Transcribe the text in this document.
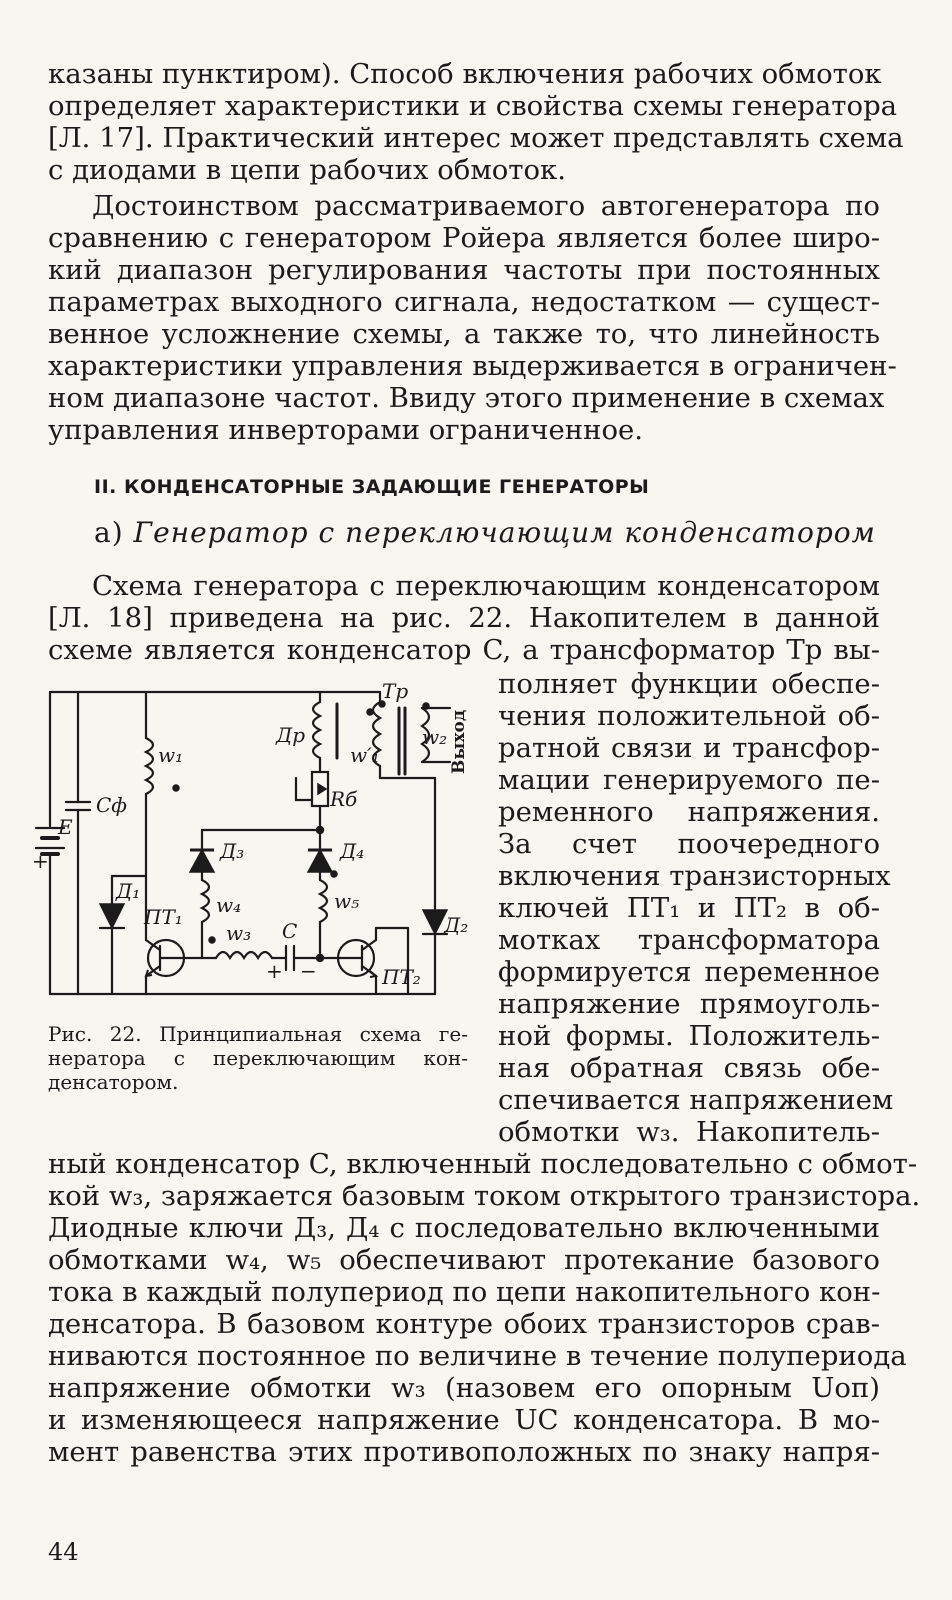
казаны пунктиром). Способ включения рабочих обмоток
определяет характеристики и свойства схемы генератора
[Л. 17]. Практический интерес может представлять схема
с диодами в цепи рабочих обмоток.
Достоинством рассматриваемого автогенератора по
сравнению с генератором Ройера является более широ-
кий диапазон регулирования частоты при постоянных
параметрах выходного сигнала, недостатком — сущест-
венное усложнение схемы, а также то, что линейность
характеристики управления выдерживается в ограничен-
ном диапазоне частот. Ввиду этого применение в схемах
управления инверторами ограниченное.
II. КОНДЕНСАТОРНЫЕ ЗАДАЮЩИЕ ГЕНЕРАТОРЫ
а) Генератор с переключающим конденсатором
Схема генератора с переключающим конденсатором
[Л. 18] приведена на рис. 22. Накопителем в данной
схеме является конденсатор C, а трансформатор Тр вы-
полняет функции обеспе-
чения положительной об-
ратной связи и трансфор-
мации генерируемого пе-
ременного напряжения.
За счет поочередного
включения транзисторных
ключей ПТ₁ и ПТ₂ в об-
мотках трансформатора
формируется переменное
напряжение прямоуголь-
ной формы. Положитель-
ная обратная связь обе-
спечивается напряжением
обмотки w₃. Накопитель-
ный конденсатор C, включенный последовательно с обмот-
кой w₃, заряжается базовым током открытого транзистора.
Диодные ключи Д₃, Д₄ с последовательно включенными
обмотками w₄, w₅ обеспечивают протекание базового
тока в каждый полупериод по цепи накопительного кон-
денсатора. В базовом контуре обоих транзисторов срав-
ниваются постоянное по величине в течение полупериода
напряжение обмотки w₃ (назовем его опорным Uоп)
и изменяющееся напряжение UC конденсатора. В мо-
мент равенства этих противоположных по знаку напря-
Тр
Др
w₁	w′₁
w₂ Выход
Cф
E
+
Rб
Д₁
Д₂
Д₃	Д₄
ПТ₁
ПТ₂
w₃
w₄	w₅
C
+ −
Рис. 22. Принципиальная схема ге-
нератора с переключающим кон-
денсатором.
44
